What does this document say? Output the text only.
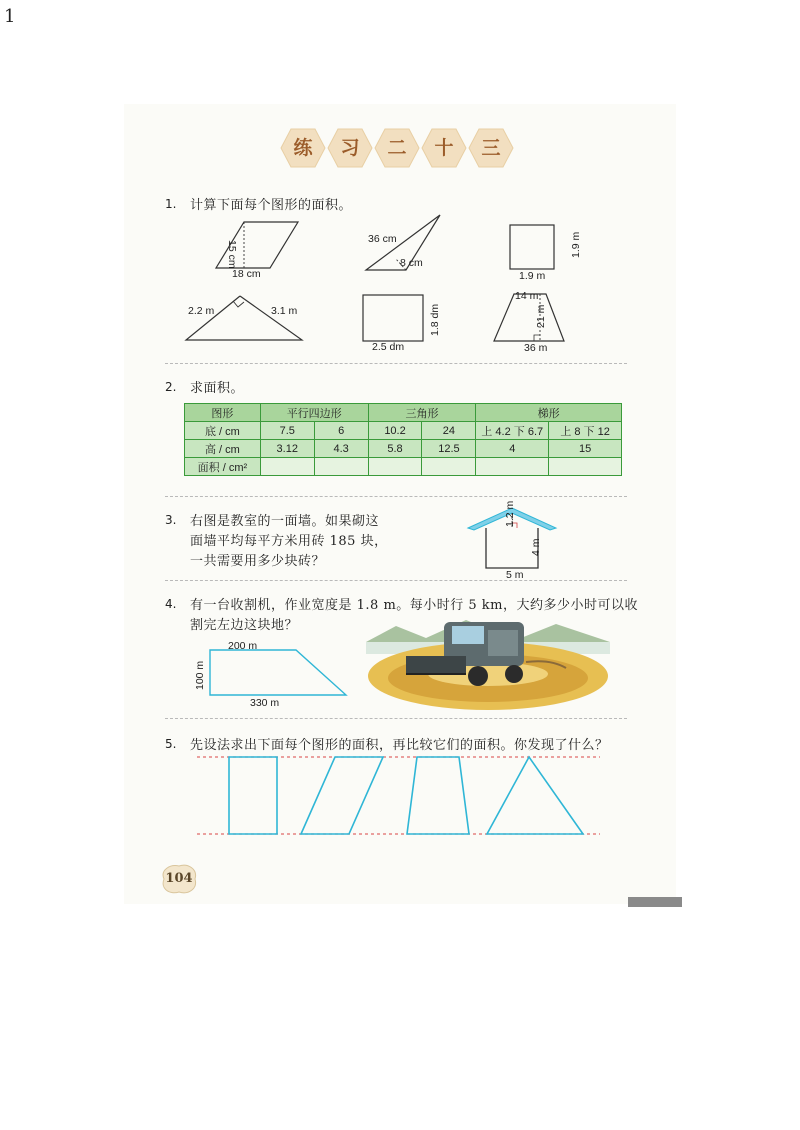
1
练	习	二	十	三
1. 计算下面每个图形的面积。
15 cm
18 cm
36 cm
8 cm
1.9 m
1.9 m
2.2 m	3.1 m	1.8 dm
2.5 dm
14 m
21 m
36 m
2. 求面积。
图形	平行四边形		三角形		梯形	
底 / cm	7.5	6	10.2	24	上 4.2 下 6.7	上 8 下 12
高 / cm	3.12	4.3	5.8	12.5	4	15
面积 / cm²						
3. 右图是教室的一面墙。如果砌这
面墙平均每平方米用砖 185 块，
一共需要用多少块砖？
1.2 m
4 m
5 m
4. 有一台收割机，作业宽度是 1.8 m。每小时行 5 km，大约多少小时可以收
割完左边这块地？
200 m
100 m
330 m
5. 先设法求出下面每个图形的面积，再比较它们的面积。你发现了什么？
104
